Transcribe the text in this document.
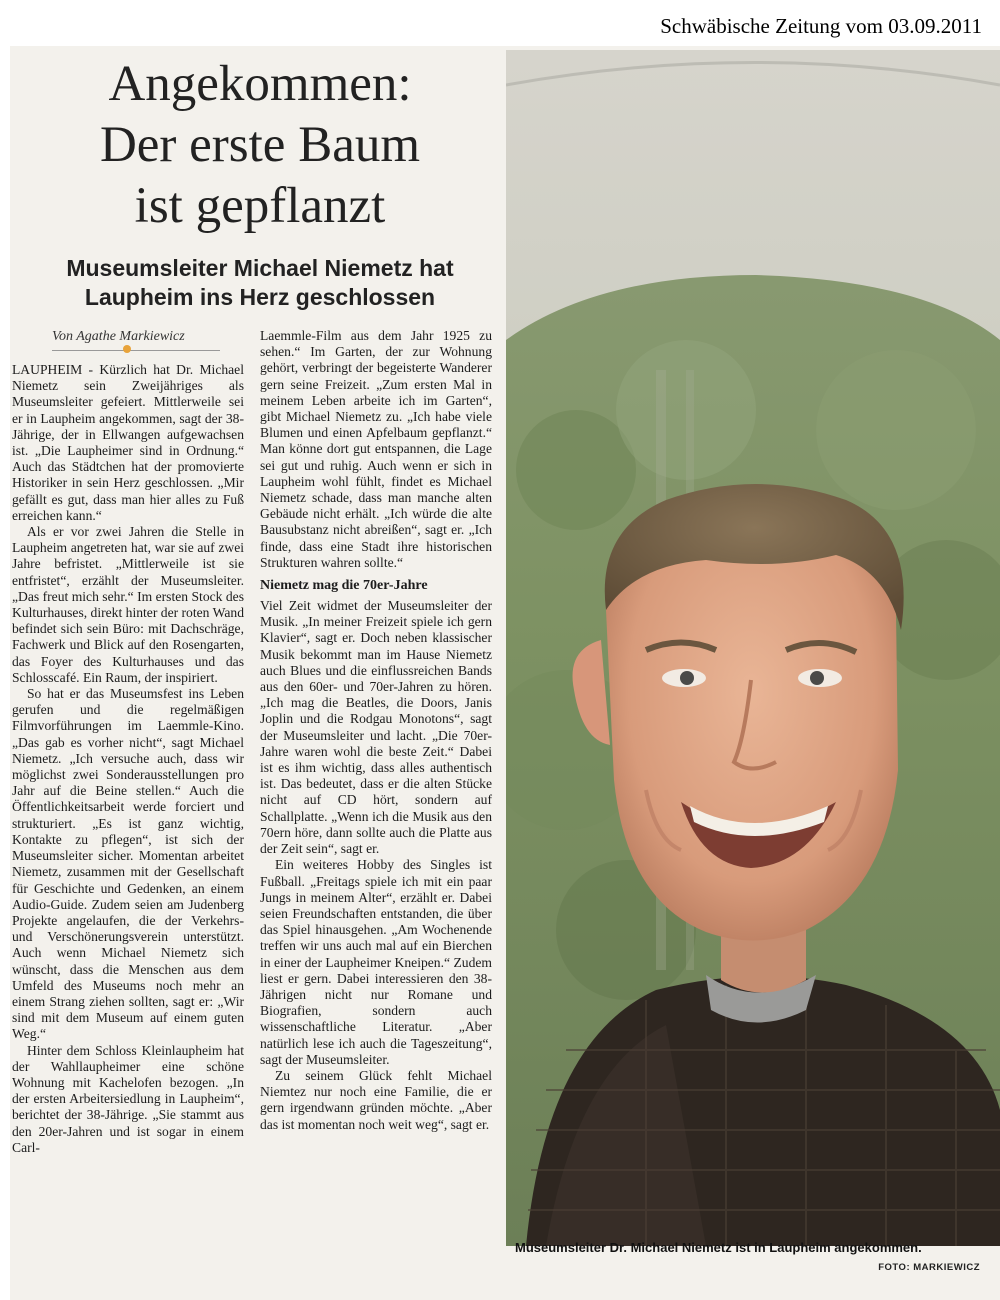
Schwäbische Zeitung vom 03.09.2011
Angekommen:
Der erste Baum
ist gepflanzt
Museumsleiter Michael Niemetz hat
Laupheim ins Herz geschlossen
Von Agathe Markiewicz

LAUPHEIM - Kürzlich hat Dr. Michael Niemetz sein Zweijähriges als Museumsleiter gefeiert. Mittlerweile sei er in Laupheim angekommen, sagt der 38-Jährige, der in Ellwangen aufgewachsen ist. „Die Laupheimer sind in Ordnung.“ Auch das Städtchen hat der promovierte Historiker in sein Herz geschlossen. „Mir gefällt es gut, dass man hier alles zu Fuß erreichen kann.“

Als er vor zwei Jahren die Stelle in Laupheim angetreten hat, war sie auf zwei Jahre befristet. „Mittlerweile ist sie entfristet“, erzählt der Museumsleiter. „Das freut mich sehr.“ Im ersten Stock des Kulturhauses, direkt hinter der roten Wand befindet sich sein Büro: mit Dachschräge, Fachwerk und Blick auf den Rosengarten, das Foyer des Kulturhauses und das Schlosscafé. Ein Raum, der inspiriert.

So hat er das Museumsfest ins Leben gerufen und die regelmäßigen Filmvorführungen im Laemmle-Kino. „Das gab es vorher nicht“, sagt Michael Niemetz. „Ich versuche auch, dass wir möglichst zwei Sonderausstellungen pro Jahr auf die Beine stellen.“ Auch die Öffentlichkeitsarbeit werde forciert und strukturiert. „Es ist ganz wichtig, Kontakte zu pflegen“, ist sich der Museumsleiter sicher. Momentan arbeitet Niemetz, zusammen mit der Gesellschaft für Geschichte und Gedenken, an einem Audio-Guide. Zudem seien am Judenberg Projekte angelaufen, die der Verkehrs- und Verschönerungsverein unterstützt. Auch wenn Michael Niemetz sich wünscht, dass die Menschen aus dem Umfeld des Museums noch mehr an einem Strang ziehen sollten, sagt er: „Wir sind mit dem Museum auf einem guten Weg.“

Hinter dem Schloss Kleinlaupheim hat der Wahllaupheimer eine schöne Wohnung mit Kachelofen bezogen. „In der ersten Arbeitersiedlung in Laupheim“, berichtet der 38-Jährige. „Sie stammt aus den 20er-Jahren und ist sogar in einem Carl-

Laemmle-Film aus dem Jahr 1925 zu sehen.“ Im Garten, der zur Wohnung gehört, verbringt der begeisterte Wanderer gern seine Freizeit. „Zum ersten Mal in meinem Leben arbeite ich im Garten“, gibt Michael Niemetz zu. „Ich habe viele Blumen und einen Apfelbaum gepflanzt.“ Man könne dort gut entspannen, die Lage sei gut und ruhig. Auch wenn er sich in Laupheim wohl fühlt, findet es Michael Niemetz schade, dass man manche alten Gebäude nicht erhält. „Ich würde die alte Bausubstanz nicht abreißen“, sagt er. „Ich finde, dass eine Stadt ihre historischen Strukturen wahren sollte.“

Niemetz mag die 70er-Jahre

Viel Zeit widmet der Museumsleiter der Musik. „In meiner Freizeit spiele ich gern Klavier“, sagt er. Doch neben klassischer Musik bekommt man im Hause Niemetz auch Blues und die einflussreichen Bands aus den 60er- und 70er-Jahren zu hören. „Ich mag die Beatles, die Doors, Janis Joplin und die Rodgau Monotons“, sagt der Museumsleiter und lacht. „Die 70er-Jahre waren wohl die beste Zeit.“ Dabei ist es ihm wichtig, dass alles authentisch ist. Das bedeutet, dass er die alten Stücke nicht auf CD hört, sondern auf Schallplatte. „Wenn ich die Musik aus den 70ern höre, dann sollte auch die Platte aus der Zeit sein“, sagt er.

Ein weiteres Hobby des Singles ist Fußball. „Freitags spiele ich mit ein paar Jungs in meinem Alter“, erzählt er. Dabei seien Freundschaften entstanden, die über das Spiel hinausgehen. „Am Wochenende treffen wir uns auch mal auf ein Bierchen in einer der Laupheimer Kneipen.“ Zudem liest er gern. Dabei interessieren den 38-Jährigen nicht nur Romane und Biografien, sondern auch wissenschaftliche Literatur. „Aber natürlich lese ich auch die Tageszeitung“, sagt der Museumsleiter.

Zu seinem Glück fehlt Michael Niemtez nur noch eine Familie, die er gern irgendwann gründen möchte. „Aber das ist momentan noch weit weg“, sagt er.

Museumsleiter Dr. Michael Niemetz ist in Laupheim angekommen.
FOTO: MARKIEWICZ
